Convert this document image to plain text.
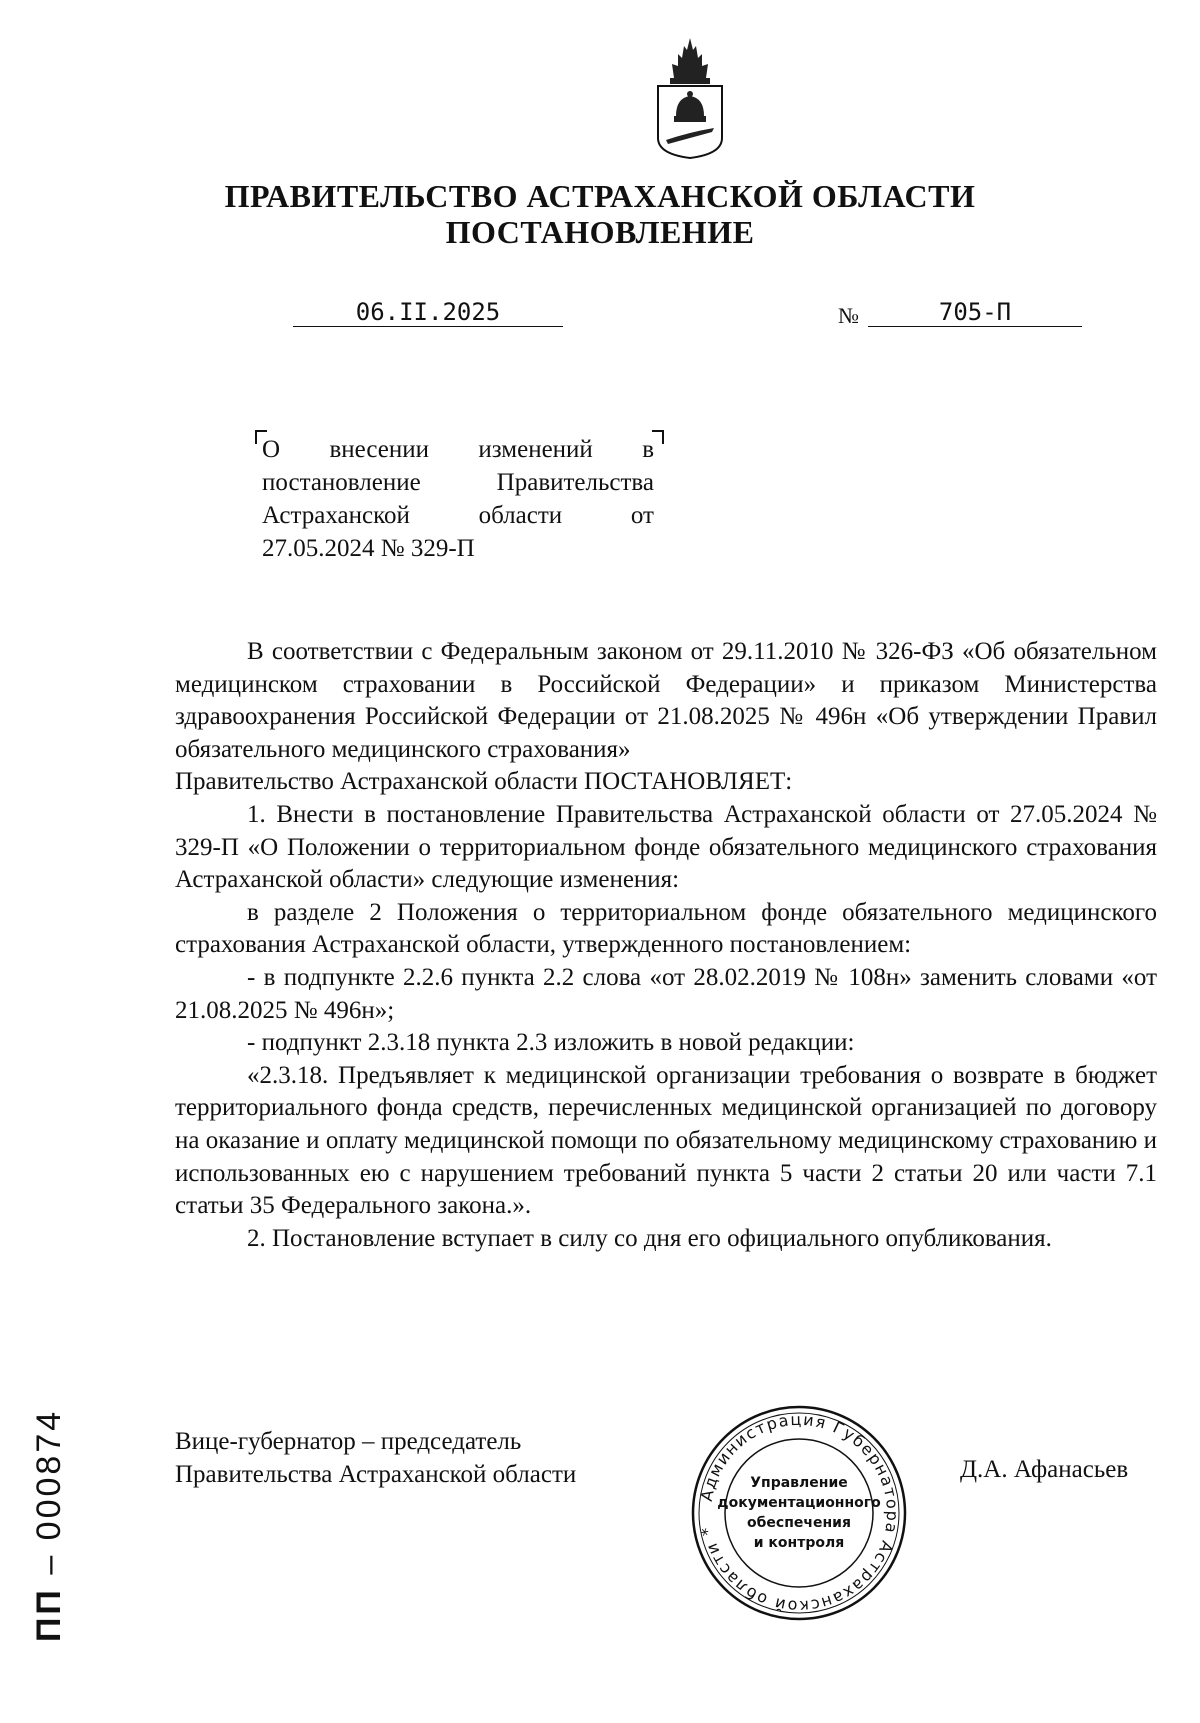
ПРАВИТЕЛЬСТВО АСТРАХАНСКОЙ ОБЛАСТИ
ПОСТАНОВЛЕНИЕ
06.II.2025	№	705-П
О внесении изменений в
постановление Правительства
Астраханской области от
27.05.2024 № 329-П

В соответствии с Федеральным законом от 29.11.2010 № 326-ФЗ «Об обязательном медицинском страховании в Российской Федерации» и приказом Министерства здравоохранения Российской Федерации от 21.08.2025 № 496н «Об утверждении Правил обязательного медицинского страхования»

Правительство Астраханской области ПОСТАНОВЛЯЕТ:

1. Внести в постановление Правительства Астраханской области от 27.05.2024 № 329-П «О Положении о территориальном фонде обязательного медицинского страхования Астраханской области» следующие изменения:

в разделе 2 Положения о территориальном фонде обязательного медицинского страхования Астраханской области, утвержденного постановлением:

- в подпункте 2.2.6 пункта 2.2 слова «от 28.02.2019 № 108н» заменить словами «от 21.08.2025 № 496н»;

- подпункт 2.3.18 пункта 2.3 изложить в новой редакции:

«2.3.18. Предъявляет к медицинской организации требования о возврате в бюджет территориального фонда средств, перечисленных медицинской организацией по договору на оказание и оплату медицинской помощи по обязательному медицинскому страхованию и использованных ею с нарушением требований пункта 5 части 2 статьи 20 или части 7.1 статьи 35 Федерального закона.».

2. Постановление вступает в силу со дня его официального опубликования.

Вице-губернатор – председатель
Правительства Астраханской области
Администрация Губернатора Астраханской области *
Управление
документационного
обеспечения
и контроля
Д.А. Афанасьев
ПП – 000874
